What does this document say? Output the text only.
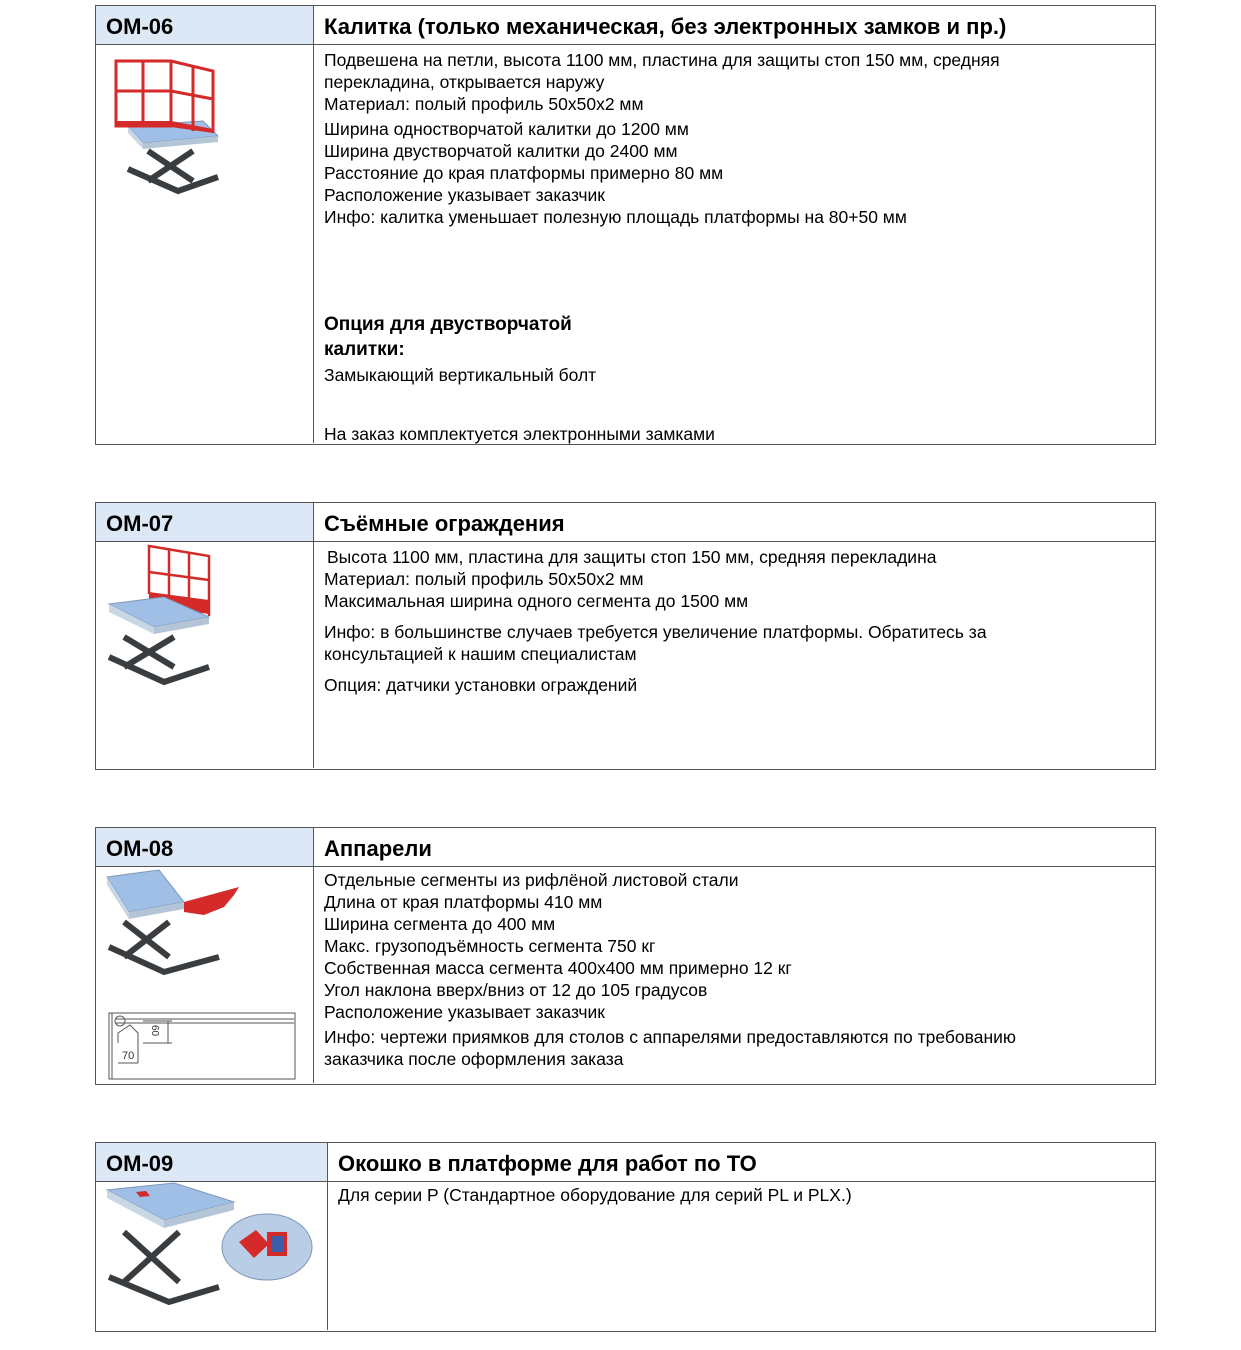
ОМ-06	Калитка (только механическая, без электронных замков и пр.)

Подвешена на петли, высота 1100 мм, пластина для защиты стоп 150 мм, средняя

перекладина, открывается наружу

Материал: полый профиль 50х50х2 мм

Ширина одностворчатой калитки до 1200 мм

Ширина двустворчатой калитки до 2400 мм

Расстояние до края платформы примерно 80 мм

Расположение указывает заказчик

Инфо: калитка уменьшает полезную площадь платформы на 80+50 мм

Опция для двустворчатой

калитки:

Замыкающий вертикальный болт

На заказ комплектуется электронными замками

ОМ-07	Съёмные ограждения

Высота 1100 мм, пластина для защиты стоп 150 мм, средняя перекладина

Материал: полый профиль 50х50х2 мм

Максимальная ширина одного сегмента до 1500 мм

Инфо: в большинстве случаев требуется увеличение платформы. Обратитесь за

консультацией к нашим специалистам

Опция: датчики установки ограждений

ОМ-08	Аппарели
60
70

Отдельные сегменты из рифлёной листовой стали

Длина от края платформы 410 мм

Ширина сегмента до 400 мм

Макс. грузоподъёмность сегмента 750 кг

Собственная масса сегмента 400х400 мм примерно 12 кг

Угол наклона вверх/вниз от 12 до 105 градусов

Расположение указывает заказчик

Инфо: чертежи приямков для столов с аппарелями предоставляются по требованию

заказчика после оформления заказа

ОМ-09	Окошко в платформе для работ по ТО

Для серии P (Стандартное оборудование для серий PL и PLX.)
